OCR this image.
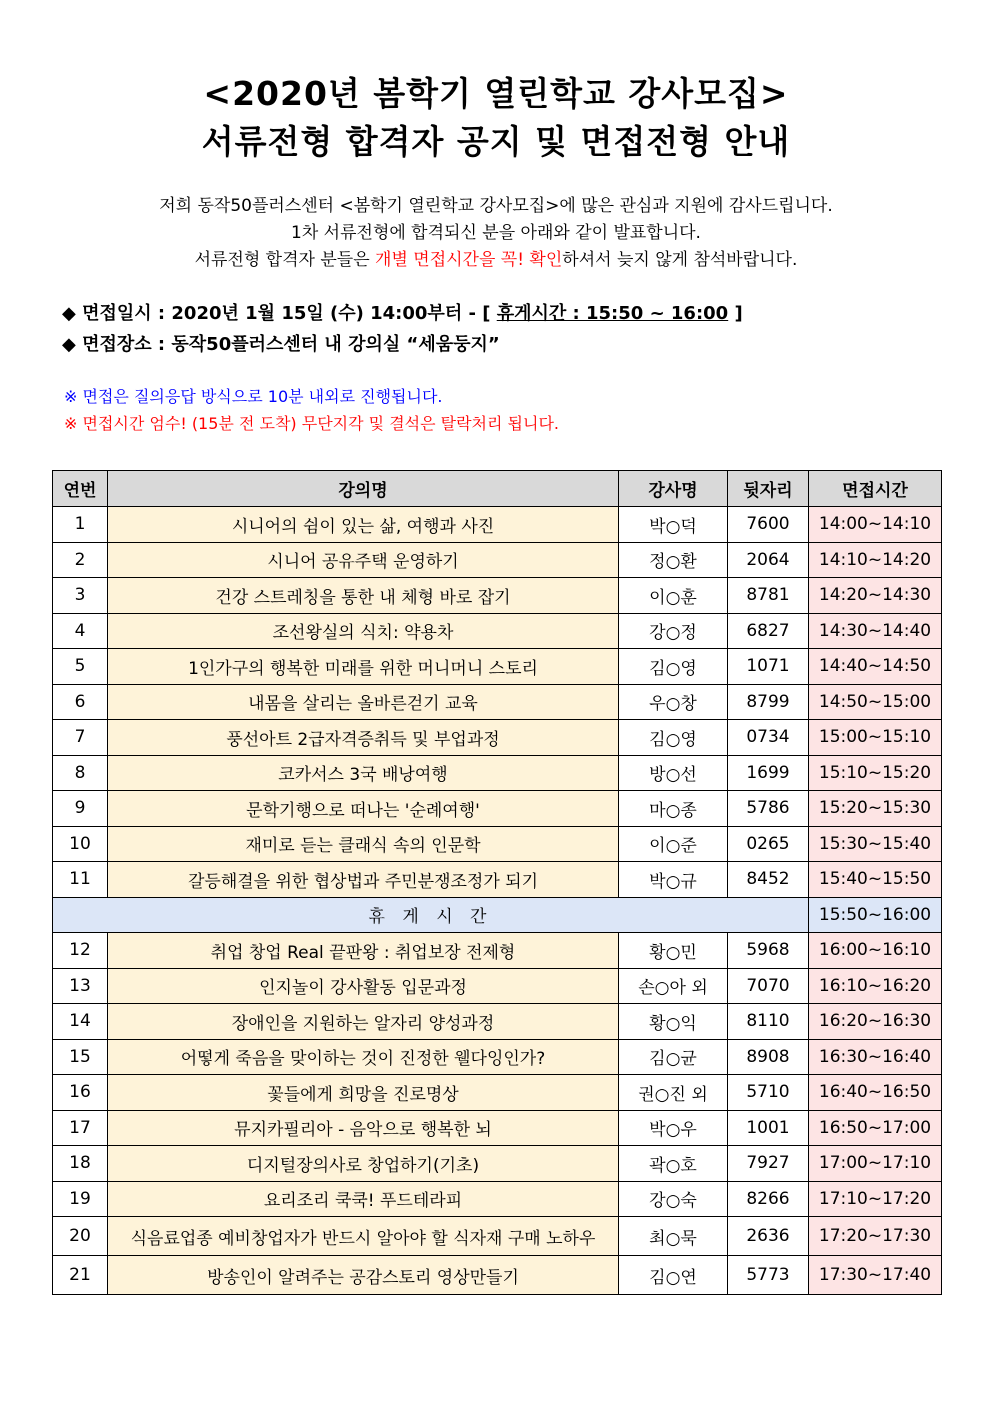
<2020년 봄학기 열린학교 강사모집>
서류전형 합격자 공지 및 면접전형 안내
저희 동작50플러스센터 <봄학기 열린학교 강사모집>에 많은 관심과 지원에 감사드립니다.
1차 서류전형에 합격되신 분을 아래와 같이 발표합니다.
서류전형 합격자 분들은 개별 면접시간을 꼭! 확인하셔서 늦지 않게 참석바랍니다.
◆ 면접일시 : 2020년 1월 15일 (수) 14:00부터 - [ 휴게시간 : 15:50 ~ 16:00 ]
◆ 면접장소 : 동작50플러스센터 내 강의실 “세움둥지”
※ 면접은 질의응답 방식으로 10분 내외로 진행됩니다.
※ 면접시간 엄수! (15분 전 도착) 무단지각 및 결석은 탈락처리 됩니다.
연번	강의명	강사명	뒷자리	면접시간
1	시니어의 쉼이 있는 삶, 여행과 사진	박○덕	7600	14:00~14:10
2	시니어 공유주택 운영하기	정○환	2064	14:10~14:20
3	건강 스트레칭을 통한 내 체형 바로 잡기	이○훈	8781	14:20~14:30
4	조선왕실의 식치: 약용차	강○정	6827	14:30~14:40
5	1인가구의 행복한 미래를 위한 머니머니 스토리	김○영	1071	14:40~14:50
6	내몸을 살리는 올바른걷기 교육	우○창	8799	14:50~15:00
7	풍선아트 2급자격증취득 및 부업과정	김○영	0734	15:00~15:10
8	코카서스 3국 배낭여행	방○선	1699	15:10~15:20
9	문학기행으로 떠나는 '순례여행'	마○종	5786	15:20~15:30
10	재미로 듣는 클래식 속의 인문학	이○준	0265	15:30~15:40
11	갈등해결을 위한 협상법과 주민분쟁조정가 되기	박○규	8452	15:40~15:50
휴 게 시 간				15:50~16:00
12	취업 창업 Real 끝판왕 : 취업보장 전제형	황○민	5968	16:00~16:10
13	인지놀이 강사활동 입문과정	손○아 외	7070	16:10~16:20
14	장애인을 지원하는 알자리 양성과정	황○익	8110	16:20~16:30
15	어떻게 죽음을 맞이하는 것이 진정한 웰다잉인가?	김○균	8908	16:30~16:40
16	꽃들에게 희망을 진로명상	권○진 외	5710	16:40~16:50
17	뮤지카필리아 - 음악으로 행복한 뇌	박○우	1001	16:50~17:00
18	디지털장의사로 창업하기(기초)	곽○호	7927	17:00~17:10
19	요리조리 쿡쿡! 푸드테라피	강○숙	8266	17:10~17:20
20	식음료업종 예비창업자가 반드시 알아야 할 식자재 구매 노하우	최○묵	2636	17:20~17:30
21	방송인이 알려주는 공감스토리 영상만들기	김○연	5773	17:30~17:40
